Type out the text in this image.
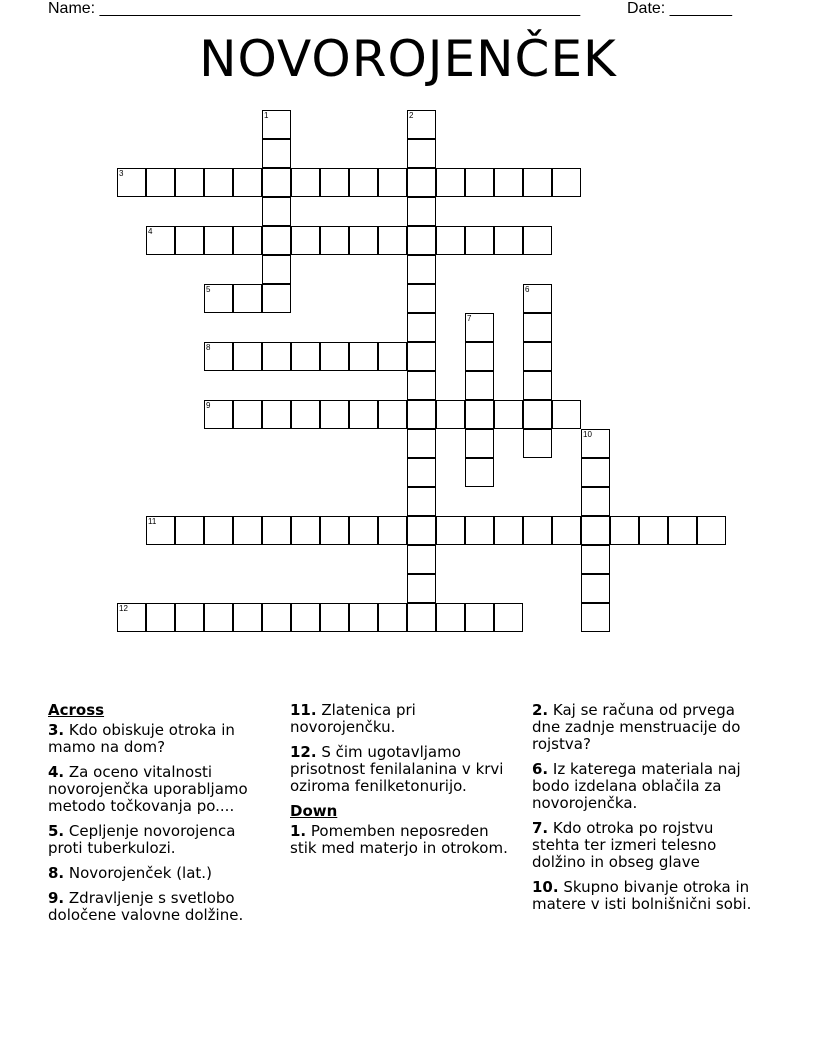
Name: ______________________________________________________	Date: _______
NOVOROJENČEK
1	2
3
4
5	6
7
8
9
10
11
12
Across
3. Kdo obiskuje otroka in mamo na dom?
4. Za oceno vitalnosti novorojenčka uporabljamo metodo točkovanja po....
5. Cepljenje novorojenca proti tuberkulozi.
8. Novorojenček (lat.)
9. Zdravljenje s svetlobo določene valovne dolžine.
11. Zlatenica pri novorojenčku.
12. S čim ugotavljamo prisotnost fenilalanina v krvi oziroma fenilketonurijo.
Down
1. Pomemben neposreden stik med materjo in otrokom.
2. Kaj se računa od prvega dne zadnje menstruacije do rojstva?
6. Iz katerega materiala naj bodo izdelana oblačila za novorojenčka.
7. Kdo otroka po rojstvu stehta ter izmeri telesno dolžino in obseg glave
10. Skupno bivanje otroka in matere v isti bolnišnični sobi.
